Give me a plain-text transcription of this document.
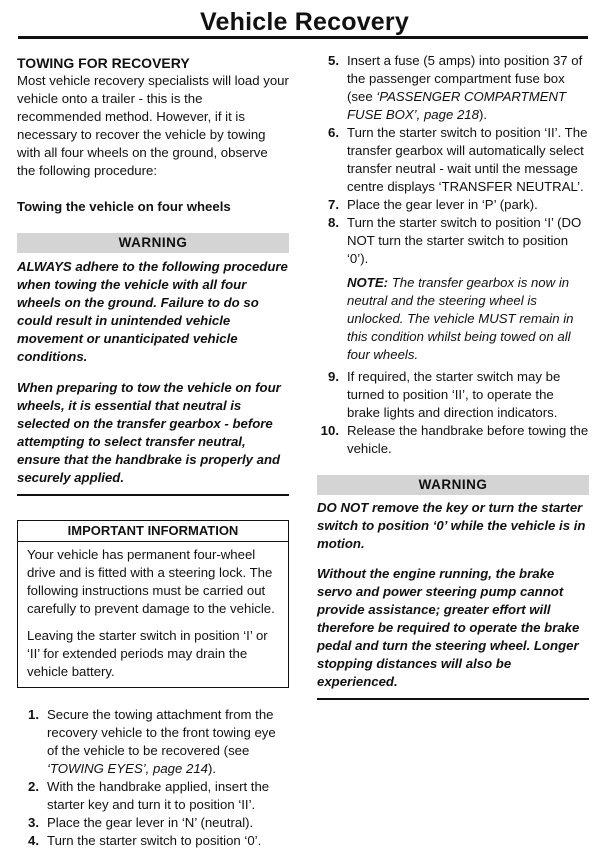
Vehicle Recovery
TOWING FOR RECOVERY

Most vehicle recovery specialists will load your vehicle onto a trailer - this is the recommended method. However, if it is necessary to recover the vehicle by towing with all four wheels on the ground, observe the following procedure:

Towing the vehicle on four wheels
WARNING

ALWAYS adhere to the following procedure when towing the vehicle with all four wheels on the ground. Failure to do so could result in unintended vehicle movement or unanticipated vehicle conditions.

When preparing to tow the vehicle on four wheels, it is essential that neutral is selected on the transfer gearbox - before attempting to select transfer neutral, ensure that the handbrake is properly and securely applied.

IMPORTANT INFORMATION

Your vehicle has permanent four-wheel drive and is fitted with a steering lock. The following instructions must be carried out carefully to prevent damage to the vehicle.

Leaving the starter switch in position ‘I’ or ‘II’ for extended periods may drain the vehicle battery.

1. Secure the towing attachment from the recovery vehicle to the front towing eye of the vehicle to be recovered (see ‘TOWING EYES’, page 214).
2. With the handbrake applied, insert the starter key and turn it to position ‘II’.
3. Place the gear lever in ‘N’ (neutral).
4. Turn the starter switch to position ‘0’.
5. Insert a fuse (5 amps) into position 37 of the passenger compartment fuse box (see ‘PASSENGER COMPARTMENT FUSE BOX’, page 218).
6. Turn the starter switch to position ‘II’. The transfer gearbox will automatically select transfer neutral - wait until the message centre displays ‘TRANSFER NEUTRAL’.
7. Place the gear lever in ‘P’ (park).
8. Turn the starter switch to position ‘I’ (DO NOT turn the starter switch to position ‘0’).

NOTE: The transfer gearbox is now in neutral and the steering wheel is unlocked. The vehicle MUST remain in this condition whilst being towed on all four wheels.

9. If required, the starter switch may be turned to position ‘II’, to operate the brake lights and direction indicators.
10. Release the handbrake before towing the vehicle.
WARNING

DO NOT remove the key or turn the starter switch to position ‘0’ while the vehicle is in motion.

Without the engine running, the brake servo and power steering pump cannot provide assistance; greater effort will therefore be required to operate the brake pedal and turn the steering wheel. Longer stopping distances will also be experienced.
